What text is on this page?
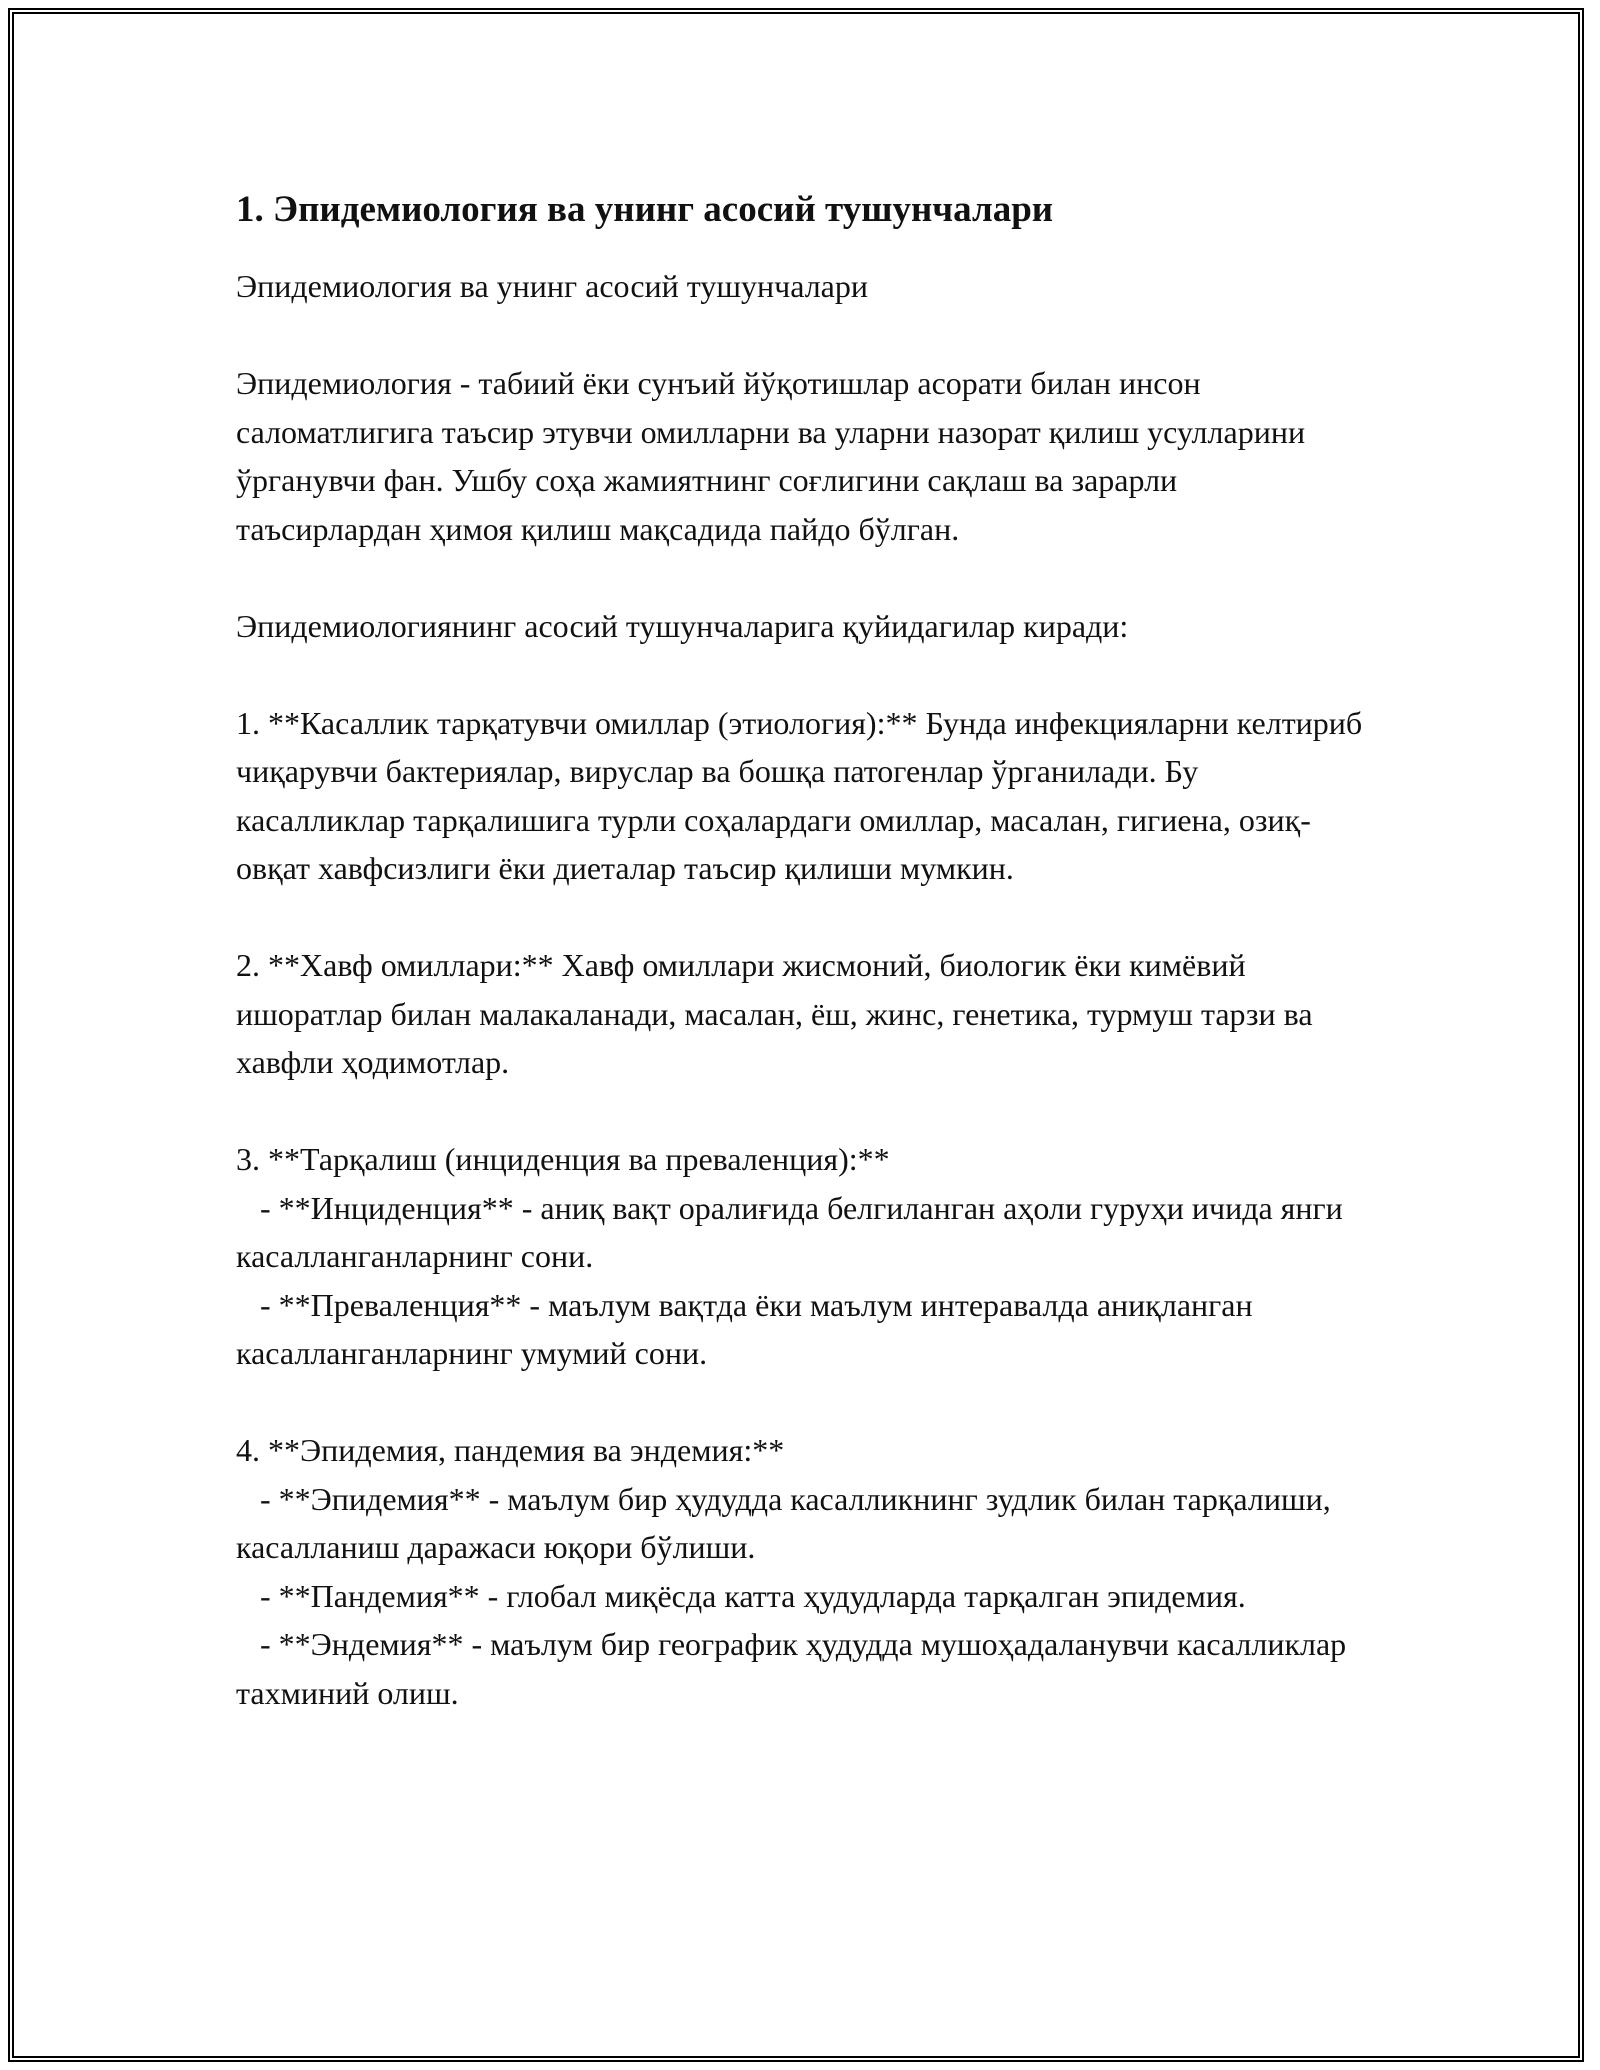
1. Эпидемиология ва унинг асосий тушунчалари

Эпидемиология ва унинг асосий тушунчалари

Эпидемиология - табиий ёки сунъий йўқотишлар асорати билан инсон саломатлигига таъсир этувчи омилларни ва уларни назорат қилиш усулларини ўрганувчи фан. Ушбу соҳа жамиятнинг соғлигини сақлаш ва зарарли таъсирлардан ҳимоя қилиш мақсадида пайдо бўлган.

Эпидемиологиянинг асосий тушунчаларига қуйидагилар киради:

1. **Касаллик тарқатувчи омиллар (этиология):** Бунда инфекцияларни келтириб чиқарувчи бактериялар, вируслар ва бошқа патогенлар ўрганилади. Бу касалликлар тарқалишига турли соҳалардаги омиллар, масалан, гигиена, озиқ-овқат хавфсизлиги ёки диеталар таъсир қилиши мумкин.

2. **Хавф омиллари:** Хавф омиллари жисмоний, биологик ёки кимёвий ишоратлар билан малакаланади, масалан, ёш, жинс, генетика, турмуш тарзи ва хавфли ҳодимотлар.

3. **Тарқалиш (инциденция ва преваленция):**

- **Инциденция** - аниқ вақт оралиғида белгиланган аҳоли гуруҳи ичида янги касалланганларнинг сони.

- **Преваленция** - маълум вақтда ёки маълум интеравалда аниқланган касалланганларнинг умумий сони.

4. **Эпидемия, пандемия ва эндемия:**

- **Эпидемия** - маълум бир ҳудудда касалликнинг зудлик билан тарқалиши, касалланиш даражаси юқори бўлиши.

- **Пандемия** - глобал миқёсда катта ҳудудларда тарқалган эпидемия.

- **Эндемия** - маълум бир географик ҳудудда мушоҳадаланувчи касалликлар тахминий олиш.
